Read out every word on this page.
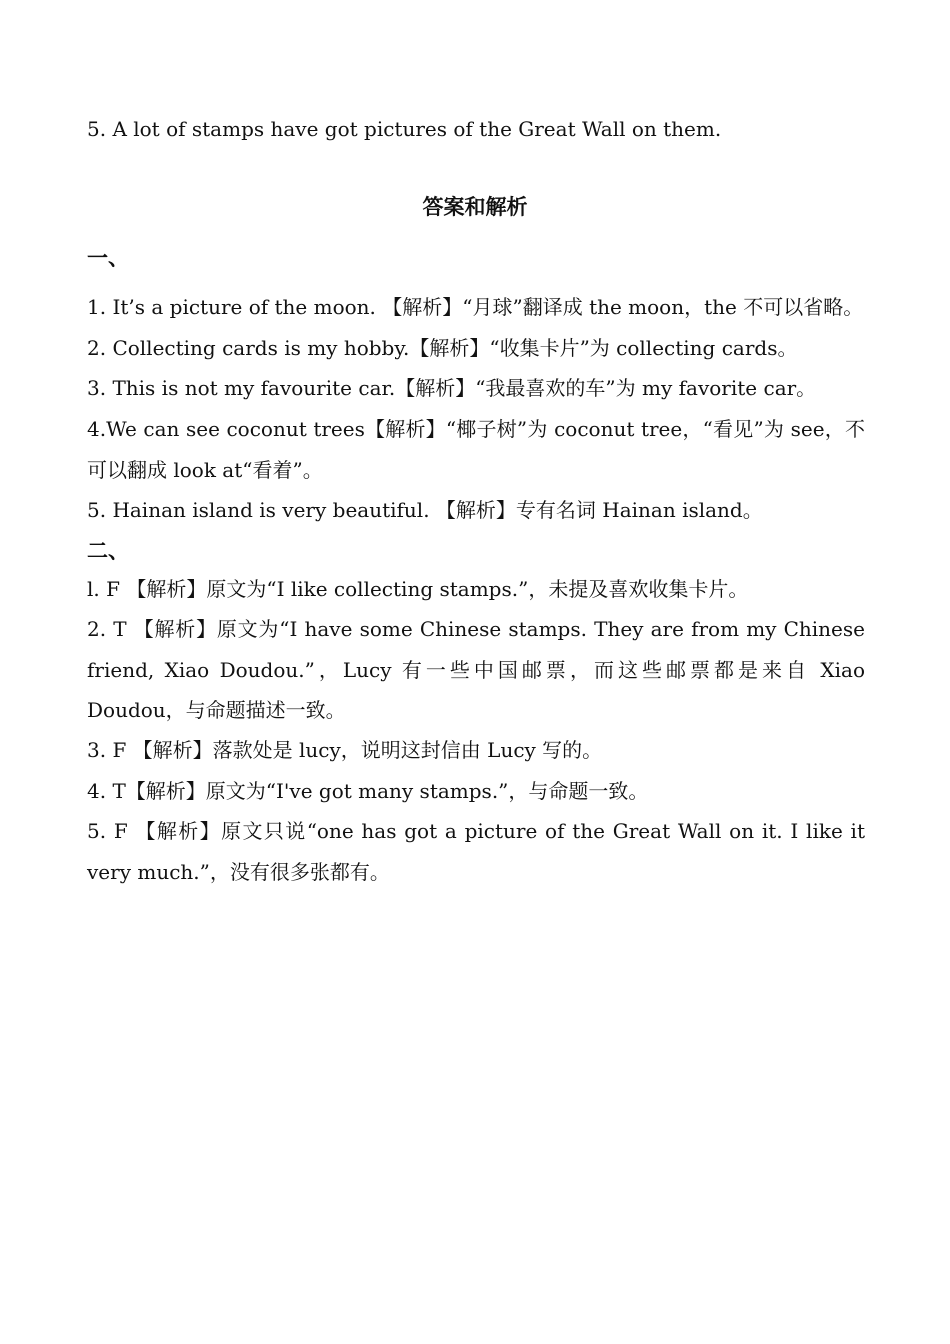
5. A lot of stamps have got pictures of the Great Wall on them.

答案和解析
一、

1. It’s a picture of the moon. 【解析】“月球”翻译成 the moon，the 不可以省略。

2. Collecting cards is my hobby.【解析】“收集卡片”为 collecting cards。

3. This is not my favourite car.【解析】“我最喜欢的车”为 my favorite car。

4.We can see coconut trees【解析】“椰子树”为 coconut tree，“看见”为 see，不可以翻成 look at“看着”。

5. Hainan island is very beautiful. 【解析】专有名词 Hainan island。

二、

l. F 【解析】原文为“I like collecting stamps.”，未提及喜欢收集卡片。

2. T 【解析】原文为“I have some Chinese stamps. They are from my Chinese friend, Xiao Doudou.”，Lucy 有一些中国邮票，而这些邮票都是来自 Xiao Doudou，与命题描述一致。

3. F 【解析】落款处是 lucy，说明这封信由 Lucy 写的。

4. T【解析】原文为“I've got many stamps.”，与命题一致。

5. F 【解析】原文只说“one has got a picture of the Great Wall on it. I like it very much.”，没有很多张都有。
